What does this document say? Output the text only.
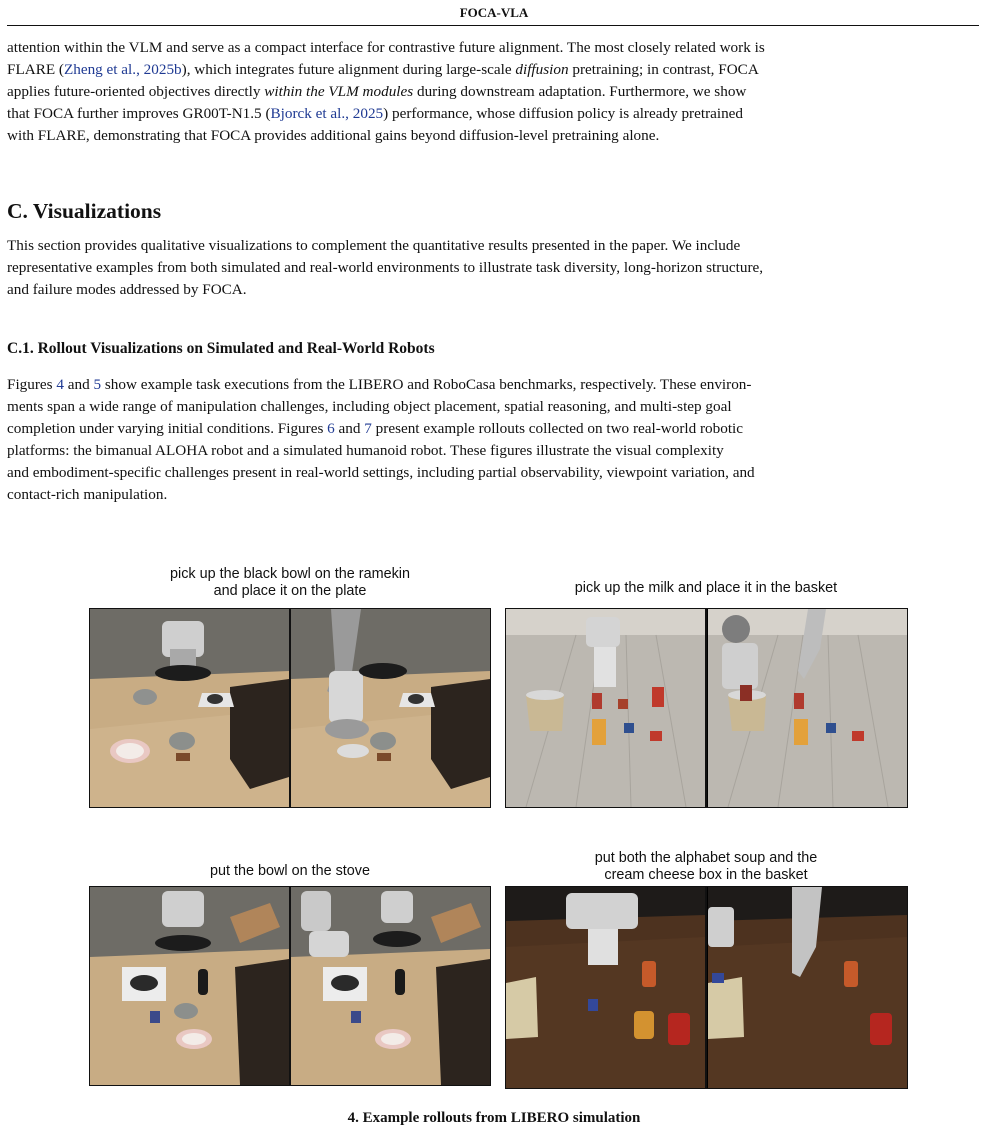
FOCA-VLA
attention within the VLM and serve as a compact interface for contrastive future alignment. The most closely related work is
FLARE (Zheng et al., 2025b), which integrates future alignment during large-scale diffusion pretraining; in contrast, FOCA
applies future-oriented objectives directly within the VLM modules during downstream adaptation. Furthermore, we show
that FOCA further improves GR00T-N1.5 (Bjorck et al., 2025) performance, whose diffusion policy is already pretrained
with FLARE, demonstrating that FOCA provides additional gains beyond diffusion-level pretraining alone.
C. Visualizations
This section provides qualitative visualizations to complement the quantitative results presented in the paper. We include
representative examples from both simulated and real-world environments to illustrate task diversity, long-horizon structure,
and failure modes addressed by FOCA.
C.1. Rollout Visualizations on Simulated and Real-World Robots
Figures 4 and 5 show example task executions from the LIBERO and RoboCasa benchmarks, respectively. These environ-
ments span a wide range of manipulation challenges, including object placement, spatial reasoning, and multi-step goal
completion under varying initial conditions. Figures 6 and 7 present example rollouts collected on two real-world robotic
platforms: the bimanual ALOHA robot and a simulated humanoid robot. These figures illustrate the visual complexity
and embodiment-specific challenges present in real-world settings, including partial observability, viewpoint variation, and
contact-rich manipulation.
pick up the black bowl on the ramekin
and place it on the plate	pick up the milk and place it in the basket
put the bowl on the stove
put both the alphabet soup and the
cream cheese box in the basket
4. Example rollouts from LIBERO simulation
